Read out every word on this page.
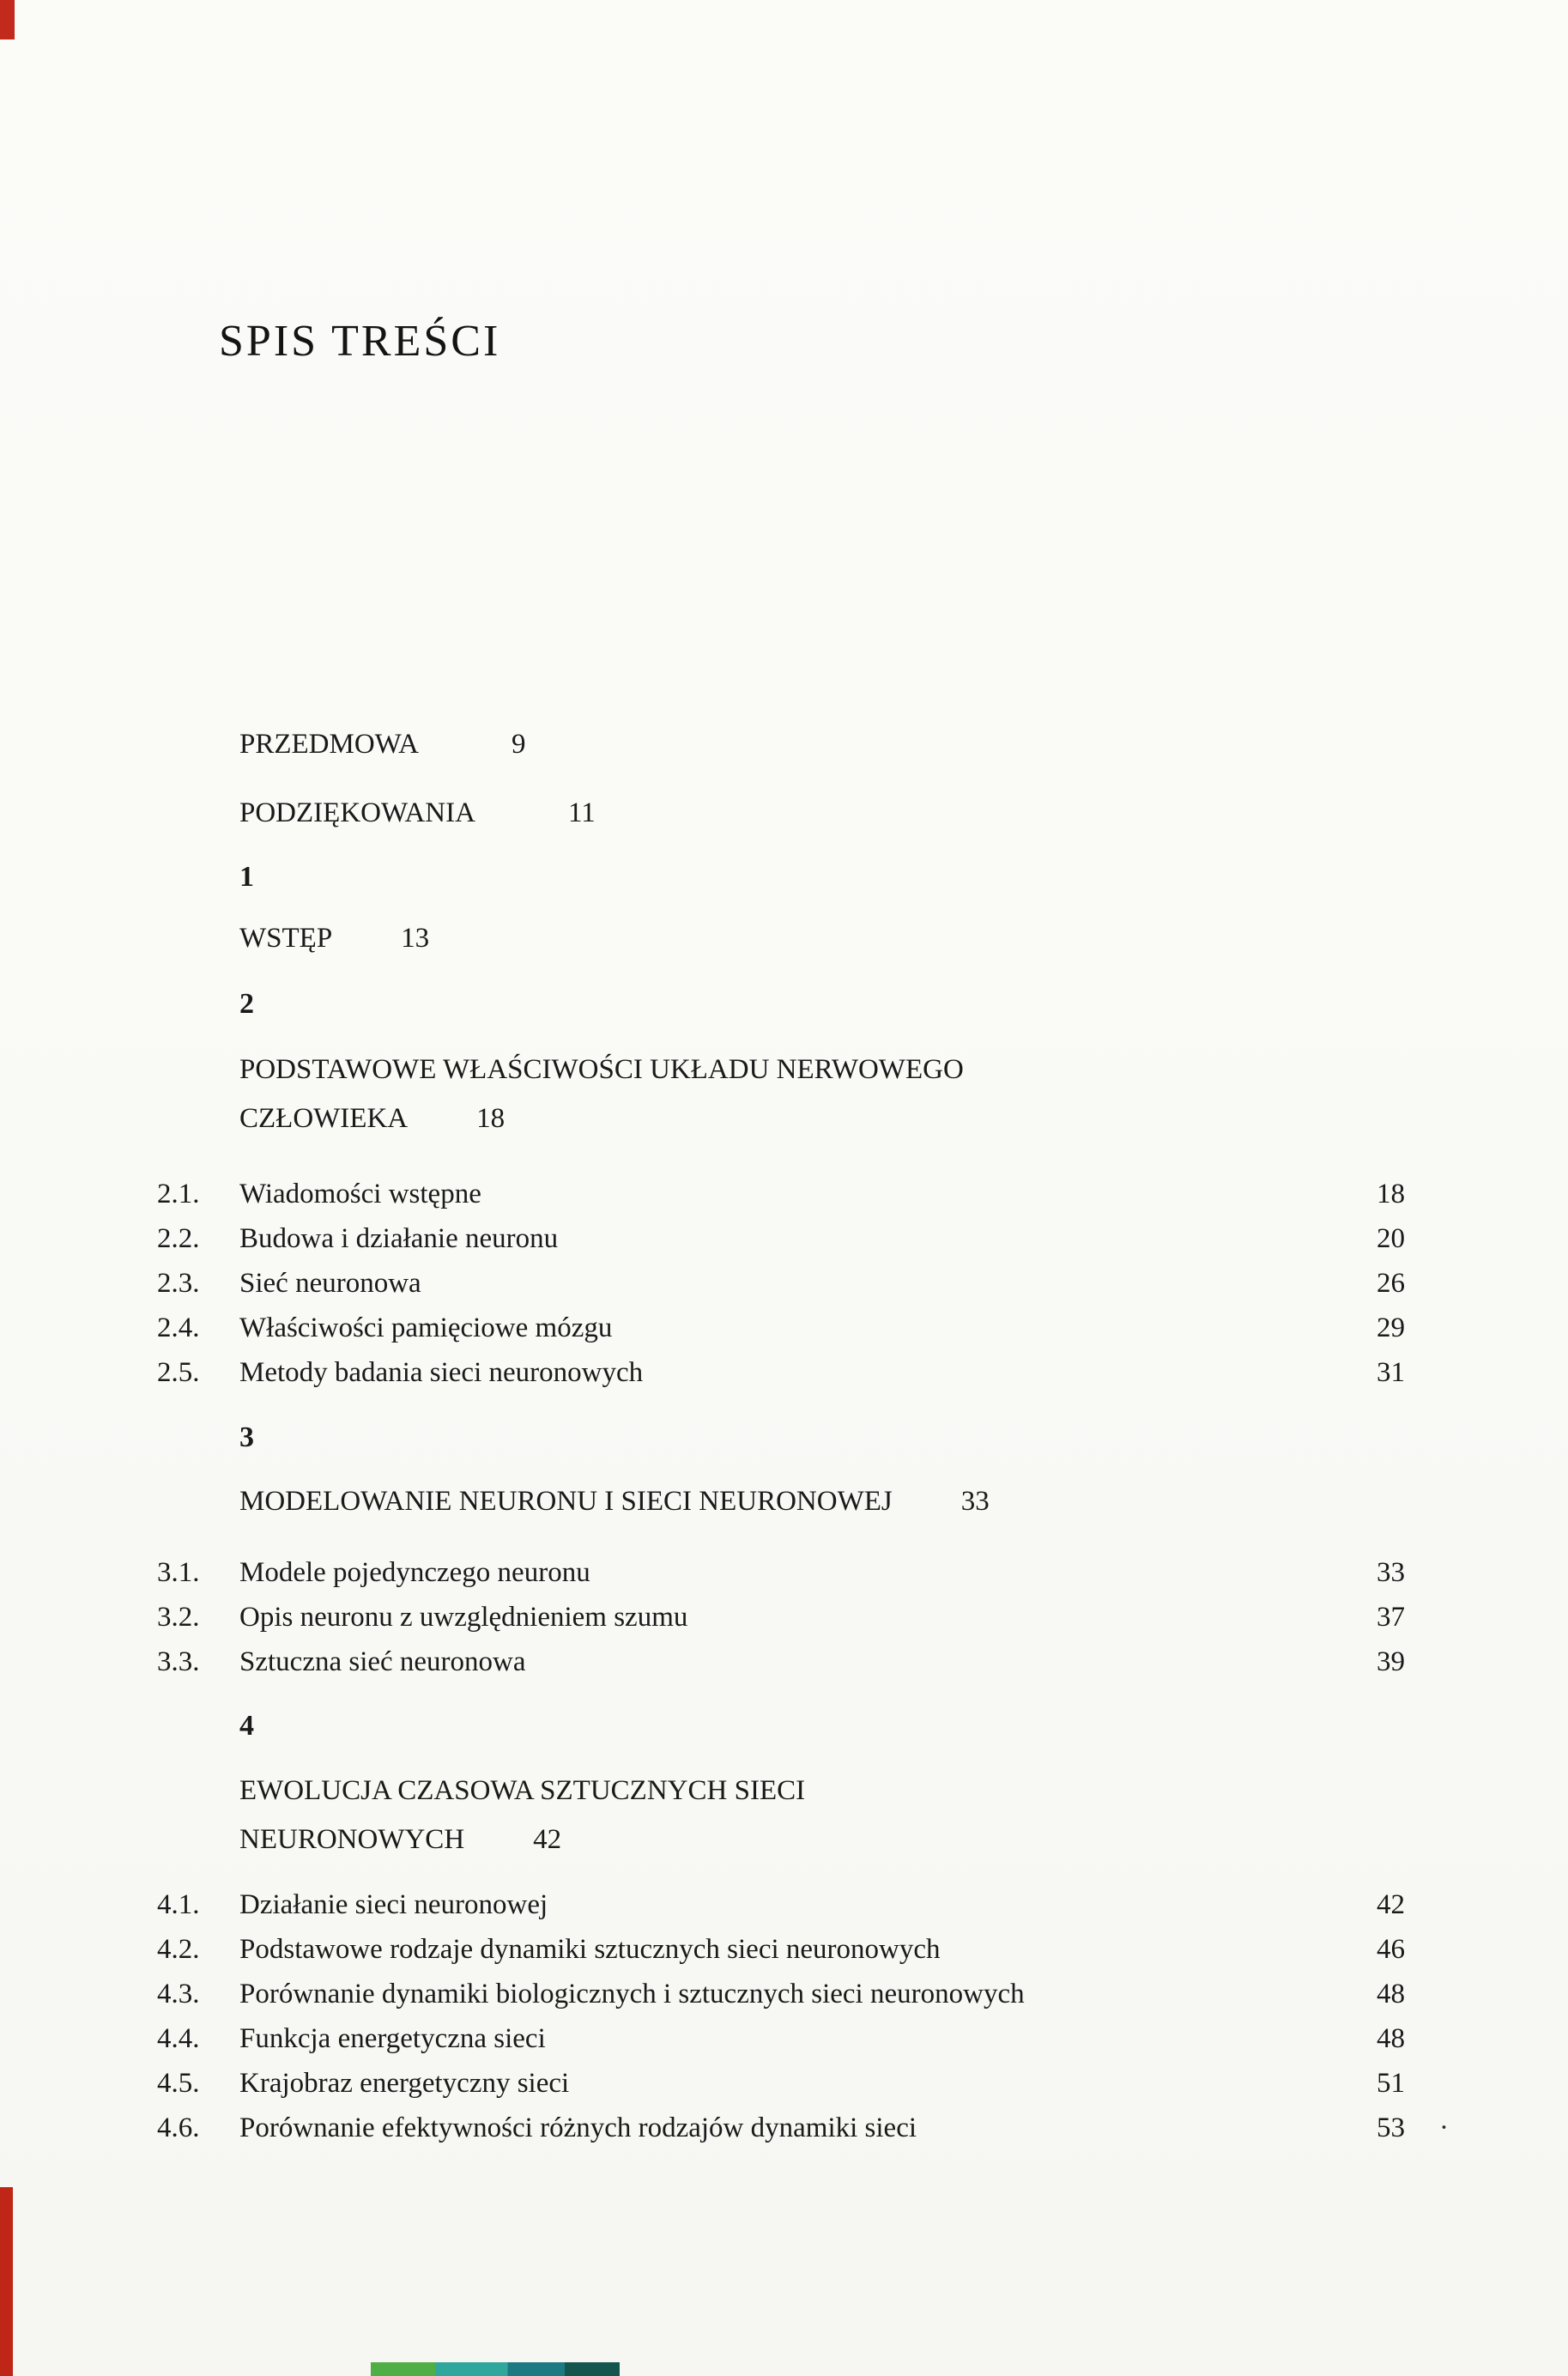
SPIS TREŚCI
PRZEDMOWA	9
PODZIĘKOWANIA	11
1
WSTĘP 13
2
PODSTAWOWE WŁAŚCIWOŚCI UKŁADU NERWOWEGO
CZŁOWIEKA 18
2.1.	Wiadomości wstępne	18
2.2.	Budowa i działanie neuronu	20
2.3.	Sieć neuronowa	26
2.4.	Właściwości pamięciowe mózgu	29
2.5.	Metody badania sieci neuronowych	31
3
MODELOWANIE NEURONU I SIECI NEURONOWEJ 33
3.1.	Modele pojedynczego neuronu	33
3.2.	Opis neuronu z uwzględnieniem szumu	37
3.3.	Sztuczna sieć neuronowa	39
4
EWOLUCJA CZASOWA SZTUCZNYCH SIECI
NEURONOWYCH 42
4.1.	Działanie sieci neuronowej	42
4.2.	Podstawowe rodzaje dynamiki sztucznych sieci neuronowych	46
4.3.	Porównanie dynamiki biologicznych i sztucznych sieci neuronowych	48
4.4.	Funkcja energetyczna sieci	48
4.5.	Krajobraz energetyczny sieci	51
4.6.	Porównanie efektywności różnych rodzajów dynamiki sieci	53	·
